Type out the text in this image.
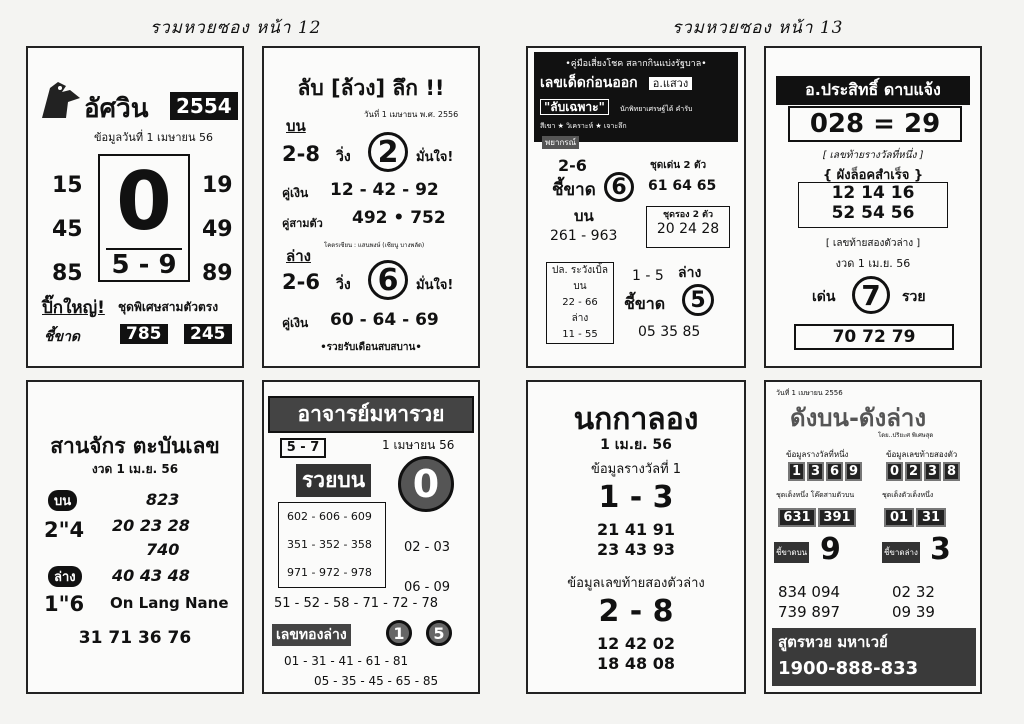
รวมหวยซอง หน้า 12	รวมหวยซอง หน้า 13
อัศวิน	2554
ข้อมูลวันที่ 1 เมษายน 56
15
45
85
19
49
89
0
5 - 9
ปิ๊กใหญ่! ชุดพิเศษสามตัวตรง
ชี้ขาด	785	245
ลับ [ล้วง] ลึก !!
วันที่ 1 เมษายน พ.ศ. 2556
บน
2-8 วิ่ง 2	มั่นใจ!
คู่เงิน 12 - 42 - 92
คู่สามตัว 492 • 752
โคตรเซียน : แสนพงษ์ (เซียนู บางพลัด)
ล่าง
2-6 วิ่ง 6	มั่นใจ!
คู่เงิน 60 - 64 - 69
•รวยรับเดือนสบสบาน•
•คู่มือเสี่ยงโชค สลากกินแบ่งรัฐบาล•
เลขเด็ดก่อนออก อ.แสวง
"ลับเฉพาะ" นักพิทยาเศรษฐ์ได้ คำรับ
สีเขา ★ วิเคราะห์ ★ เจาะลึก
พยากรณ์
2-6
ชี้ขาด 6
ชุดเด่น 2 ตัว
61 64 65
บน
261 - 963
ชุดรอง 2 ตัว
20 24 28
ปล. ระวังเบิ้ล
บน
22 - 66
ล่าง
11 - 55
1 - 5 ล่าง
ชี้ขาด	5
05 35 85
อ.ประสิทธิ์ ดาบแจ้ง
028 = 29
[ เลขท้ายรางวัลที่หนึ่ง ]
{ ผังล็อคสำเร็จ }
12 14 16
52 54 56
[ เลขท้ายสองตัวล่าง ]
งวด 1 เม.ย. 56
เด่น 7	รวย
70 72 79
สานจักร ตะบันเลข
งวด 1 เม.ย. 56
บน
2"4
823
20 23 28
740
ล่าง
1"6
40 43 48
On Lang Nane
31 71 36 76
อาจารย์มหารวย
5 - 7	1 เมษายน 56
รวยบน	0
602 - 606 - 609
351 - 352 - 358
971 - 972 - 978
02 - 03
06 - 09
51 - 52 - 58 - 71 - 72 - 78
เลขทองล่าง	1	5
01 - 31 - 41 - 61 - 81
05 - 35 - 45 - 65 - 85
นกกาลอง
1 เม.ย. 56
ข้อมูลรางวัลที่ 1
1 - 3
21 41 91
23 43 93
ข้อมูลเลขท้ายสองตัวล่าง
2 - 8
12 42 02
18 48 08
วันที่ 1 เมษายน 2556
ดังบน-ดังล่าง
โดย..ปริยะศ พิเศษสุด
ข้อมูลรางวัลที่หนึ่ง	ข้อมูลเลขท้ายสองตัว
1 3 6 9	0 2 3 8
ชุดเด็งหนึ่ง โค๊ดสามตัวบน	ชุดเด็งตัวเด็งหนึ่ง
631 391	01 31
ชี้ขาดบน 9	ชี้ขาดล่าง 3
834 094
739 897
02 32
09 39
สูตรหวย มหาเวย์
1900-888-833
